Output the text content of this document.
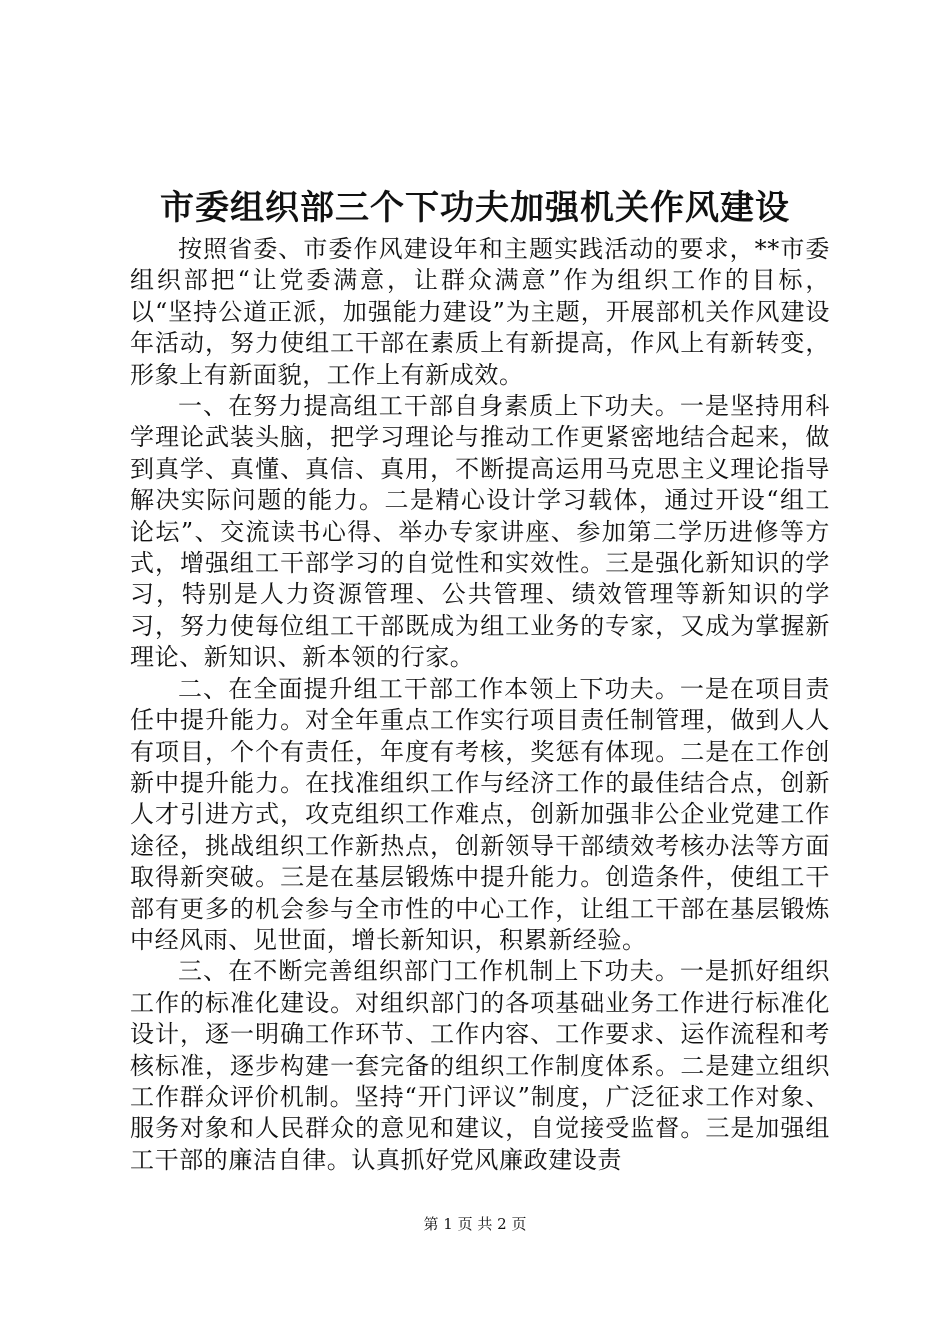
市委组织部三个下功夫加强机关作风建设

按照省委、市委作风建设年和主题实践活动的要求，**市委组织部把“让党委满意，让群众满意”作为组织工作的目标，以“坚持公道正派，加强能力建设”为主题，开展部机关作风建设年活动，努力使组工干部在素质上有新提高，作风上有新转变，形象上有新面貌，工作上有新成效。

一、在努力提高组工干部自身素质上下功夫。一是坚持用科学理论武装头脑，把学习理论与推动工作更紧密地结合起来，做到真学、真懂、真信、真用，不断提高运用马克思主义理论指导解决实际问题的能力。二是精心设计学习载体，通过开设“组工论坛”、交流读书心得、举办专家讲座、参加第二学历进修等方式，增强组工干部学习的自觉性和实效性。三是强化新知识的学习，特别是人力资源管理、公共管理、绩效管理等新知识的学习，努力使每位组工干部既成为组工业务的专家，又成为掌握新理论、新知识、新本领的行家。

二、在全面提升组工干部工作本领上下功夫。一是在项目责任中提升能力。对全年重点工作实行项目责任制管理，做到人人有项目，个个有责任，年度有考核，奖惩有体现。二是在工作创新中提升能力。在找准组织工作与经济工作的最佳结合点，创新人才引进方式，攻克组织工作难点，创新加强非公企业党建工作途径，挑战组织工作新热点，创新领导干部绩效考核办法等方面取得新突破。三是在基层锻炼中提升能力。创造条件，使组工干部有更多的机会参与全市性的中心工作，让组工干部在基层锻炼中经风雨、见世面，增长新知识，积累新经验。

三、在不断完善组织部门工作机制上下功夫。一是抓好组织工作的标准化建设。对组织部门的各项基础业务工作进行标准化设计，逐一明确工作环节、工作内容、工作要求、运作流程和考核标准，逐步构建一套完备的组织工作制度体系。二是建立组织工作群众评价机制。坚持“开门评议”制度，广泛征求工作对象、服务对象和人民群众的意见和建议，自觉接受监督。三是加强组工干部的廉洁自律。认真抓好党风廉政建设责

第 1 页 共 2 页
